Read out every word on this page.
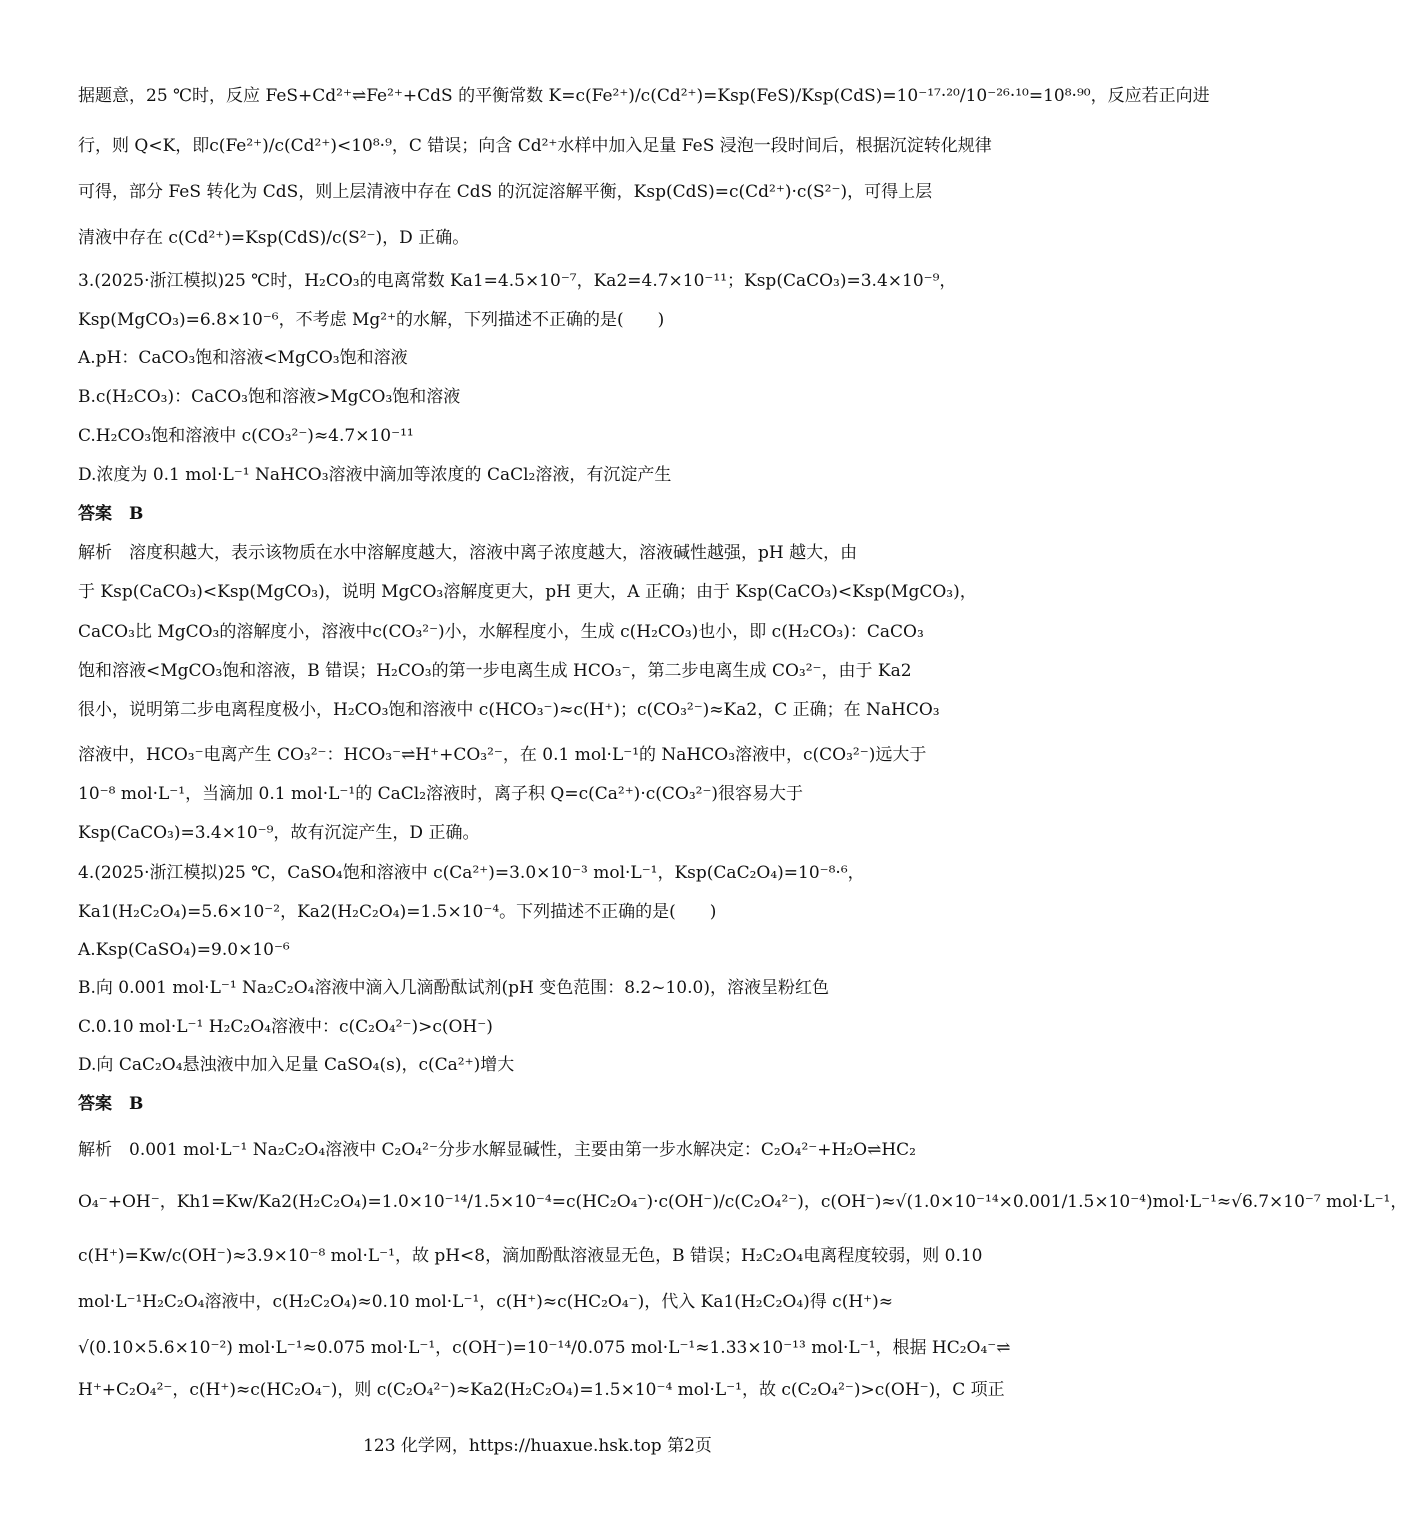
据题意，25 ℃时，反应 FeS+Cd²⁺⇌Fe²⁺+CdS 的平衡常数 K=c(Fe²⁺)/c(Cd²⁺)=Ksp(FeS)/Ksp(CdS)=10⁻¹⁷·²⁰/10⁻²⁶·¹⁰=10⁸·⁹⁰，反应若正向进
行，则 Q<K，即c(Fe²⁺)/c(Cd²⁺)<10⁸·⁹，C 错误；向含 Cd²⁺水样中加入足量 FeS 浸泡一段时间后，根据沉淀转化规律
可得，部分 FeS 转化为 CdS，则上层清液中存在 CdS 的沉淀溶解平衡，Ksp(CdS)=c(Cd²⁺)·c(S²⁻)，可得上层
清液中存在 c(Cd²⁺)=Ksp(CdS)/c(S²⁻)，D 正确。
3.(2025·浙江模拟)25 ℃时，H₂CO₃的电离常数 Ka1=4.5×10⁻⁷，Ka2=4.7×10⁻¹¹；Ksp(CaCO₃)=3.4×10⁻⁹，
Ksp(MgCO₃)=6.8×10⁻⁶，不考虑 Mg²⁺的水解，下列描述不正确的是(　　)
A.pH：CaCO₃饱和溶液<MgCO₃饱和溶液
B.c(H₂CO₃)：CaCO₃饱和溶液>MgCO₃饱和溶液
C.H₂CO₃饱和溶液中 c(CO₃²⁻)≈4.7×10⁻¹¹
D.浓度为 0.1 mol·L⁻¹ NaHCO₃溶液中滴加等浓度的 CaCl₂溶液，有沉淀产生
答案　B
解析　溶度积越大，表示该物质在水中溶解度越大，溶液中离子浓度越大，溶液碱性越强，pH 越大，由
于 Ksp(CaCO₃)<Ksp(MgCO₃)，说明 MgCO₃溶解度更大，pH 更大，A 正确；由于 Ksp(CaCO₃)<Ksp(MgCO₃)，
CaCO₃比 MgCO₃的溶解度小，溶液中c(CO₃²⁻)小，水解程度小，生成 c(H₂CO₃)也小，即 c(H₂CO₃)：CaCO₃
饱和溶液<MgCO₃饱和溶液，B 错误；H₂CO₃的第一步电离生成 HCO₃⁻，第二步电离生成 CO₃²⁻，由于 Ka2
很小，说明第二步电离程度极小，H₂CO₃饱和溶液中 c(HCO₃⁻)≈c(H⁺)；c(CO₃²⁻)≈Ka2，C 正确；在 NaHCO₃
溶液中，HCO₃⁻电离产生 CO₃²⁻：HCO₃⁻⇌H⁺+CO₃²⁻，在 0.1 mol·L⁻¹的 NaHCO₃溶液中，c(CO₃²⁻)远大于
10⁻⁸ mol·L⁻¹，当滴加 0.1 mol·L⁻¹的 CaCl₂溶液时，离子积 Q=c(Ca²⁺)·c(CO₃²⁻)很容易大于
Ksp(CaCO₃)=3.4×10⁻⁹，故有沉淀产生，D 正确。
4.(2025·浙江模拟)25 ℃，CaSO₄饱和溶液中 c(Ca²⁺)=3.0×10⁻³ mol·L⁻¹，Ksp(CaC₂O₄)=10⁻⁸·⁶，
Ka1(H₂C₂O₄)=5.6×10⁻²，Ka2(H₂C₂O₄)=1.5×10⁻⁴。下列描述不正确的是(　　)
A.Ksp(CaSO₄)=9.0×10⁻⁶
B.向 0.001 mol·L⁻¹ Na₂C₂O₄溶液中滴入几滴酚酞试剂(pH 变色范围：8.2~10.0)，溶液呈粉红色
C.0.10 mol·L⁻¹ H₂C₂O₄溶液中：c(C₂O₄²⁻)>c(OH⁻)
D.向 CaC₂O₄悬浊液中加入足量 CaSO₄(s)，c(Ca²⁺)增大
答案　B
解析　0.001 mol·L⁻¹ Na₂C₂O₄溶液中 C₂O₄²⁻分步水解显碱性，主要由第一步水解决定：C₂O₄²⁻+H₂O⇌HC₂
O₄⁻+OH⁻，Kh1=Kw/Ka2(H₂C₂O₄)=1.0×10⁻¹⁴/1.5×10⁻⁴=c(HC₂O₄⁻)·c(OH⁻)/c(C₂O₄²⁻)，c(OH⁻)≈√(1.0×10⁻¹⁴×0.001/1.5×10⁻⁴)mol·L⁻¹≈√6.7×10⁻⁷ mol·L⁻¹，
c(H⁺)=Kw/c(OH⁻)≈3.9×10⁻⁸ mol·L⁻¹，故 pH<8，滴加酚酞溶液显无色，B 错误；H₂C₂O₄电离程度较弱，则 0.10
mol·L⁻¹H₂C₂O₄溶液中，c(H₂C₂O₄)≈0.10 mol·L⁻¹，c(H⁺)≈c(HC₂O₄⁻)，代入 Ka1(H₂C₂O₄)得 c(H⁺)≈
√(0.10×5.6×10⁻²) mol·L⁻¹≈0.075 mol·L⁻¹，c(OH⁻)=10⁻¹⁴/0.075 mol·L⁻¹≈1.33×10⁻¹³ mol·L⁻¹，根据 HC₂O₄⁻⇌
H⁺+C₂O₄²⁻，c(H⁺)≈c(HC₂O₄⁻)，则 c(C₂O₄²⁻)≈Ka2(H₂C₂O₄)=1.5×10⁻⁴ mol·L⁻¹，故 c(C₂O₄²⁻)>c(OH⁻)，C 项正
123 化学网，https://huaxue.hsk.top 第2页
